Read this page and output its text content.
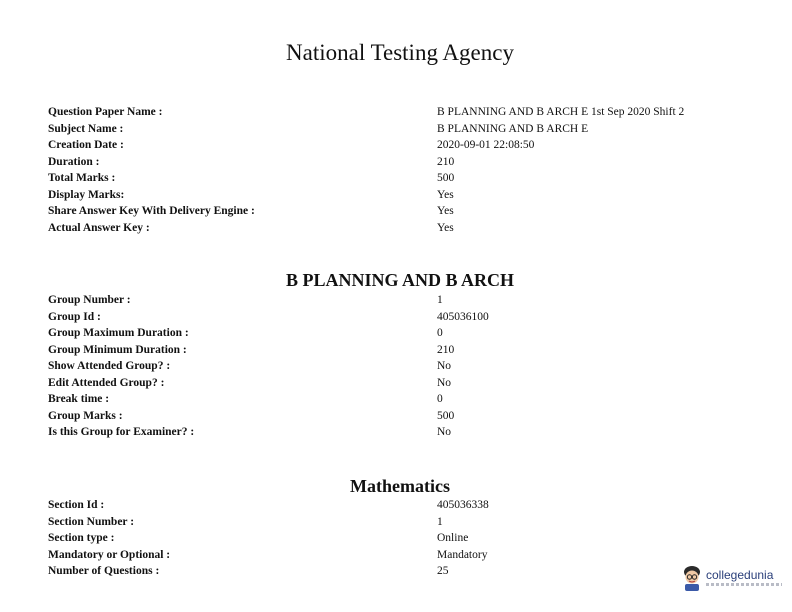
National Testing Agency
Question Paper Name :	B PLANNING AND B ARCH E 1st Sep 2020 Shift 2
Subject Name :	B PLANNING AND B ARCH E
Creation Date :	2020-09-01 22:08:50
Duration :	210
Total Marks :	500
Display Marks:	Yes
Share Answer Key With Delivery Engine :	Yes
Actual Answer Key :	Yes
B PLANNING AND B ARCH
Group Number :	1
Group Id :	405036100
Group Maximum Duration :	0
Group Minimum Duration :	210
Show Attended Group? :	No
Edit Attended Group? :	No
Break time :	0
Group Marks :	500
Is this Group for Examiner? :	No
Mathematics
Section Id :	405036338
Section Number :	1
Section type :	Online
Mandatory or Optional :	Mandatory
Number of Questions :	25	collegedunia
